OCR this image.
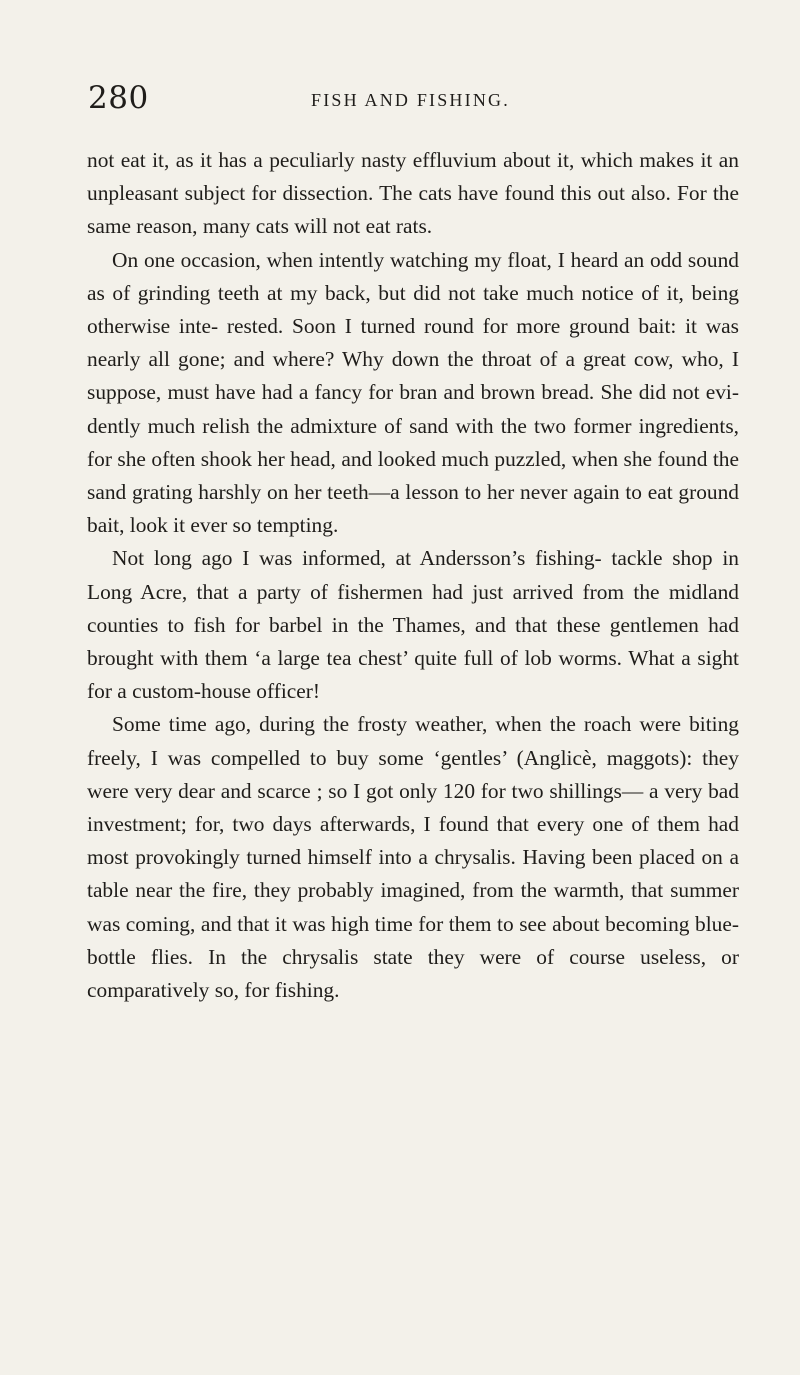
280	FISH AND FISHING.

not eat it, as it has a peculiarly nasty effluvium about it, which makes it an unpleasant subject for dissection. The cats have found this out also. For the same reason, many cats will not eat rats.

On one occasion, when intently watching my float, I heard an odd sound as of grinding teeth at my back, but did not take much notice of it, being otherwise inte- rested. Soon I turned round for more ground bait: it was nearly all gone; and where? Why down the throat of a great cow, who, I suppose, must have had a fancy for bran and brown bread. She did not evi- dently much relish the admixture of sand with the two former ingredients, for she often shook her head, and looked much puzzled, when she found the sand grating harshly on her teeth—a lesson to her never again to eat ground bait, look it ever so tempting.

Not long ago I was informed, at Andersson’s fishing- tackle shop in Long Acre, that a party of fishermen had just arrived from the midland counties to fish for barbel in the Thames, and that these gentlemen had brought with them ‘a large tea chest’ quite full of lob worms. What a sight for a custom-house officer!

Some time ago, during the frosty weather, when the roach were biting freely, I was compelled to buy some ‘gentles’ (Anglicè, maggots): they were very dear and scarce ; so I got only 120 for two shillings— a very bad investment; for, two days afterwards, I found that every one of them had most provokingly turned himself into a chrysalis. Having been placed on a table near the fire, they probably imagined, from the warmth, that summer was coming, and that it was high time for them to see about becoming blue-bottle flies. In the chrysalis state they were of course useless, or comparatively so, for fishing.
